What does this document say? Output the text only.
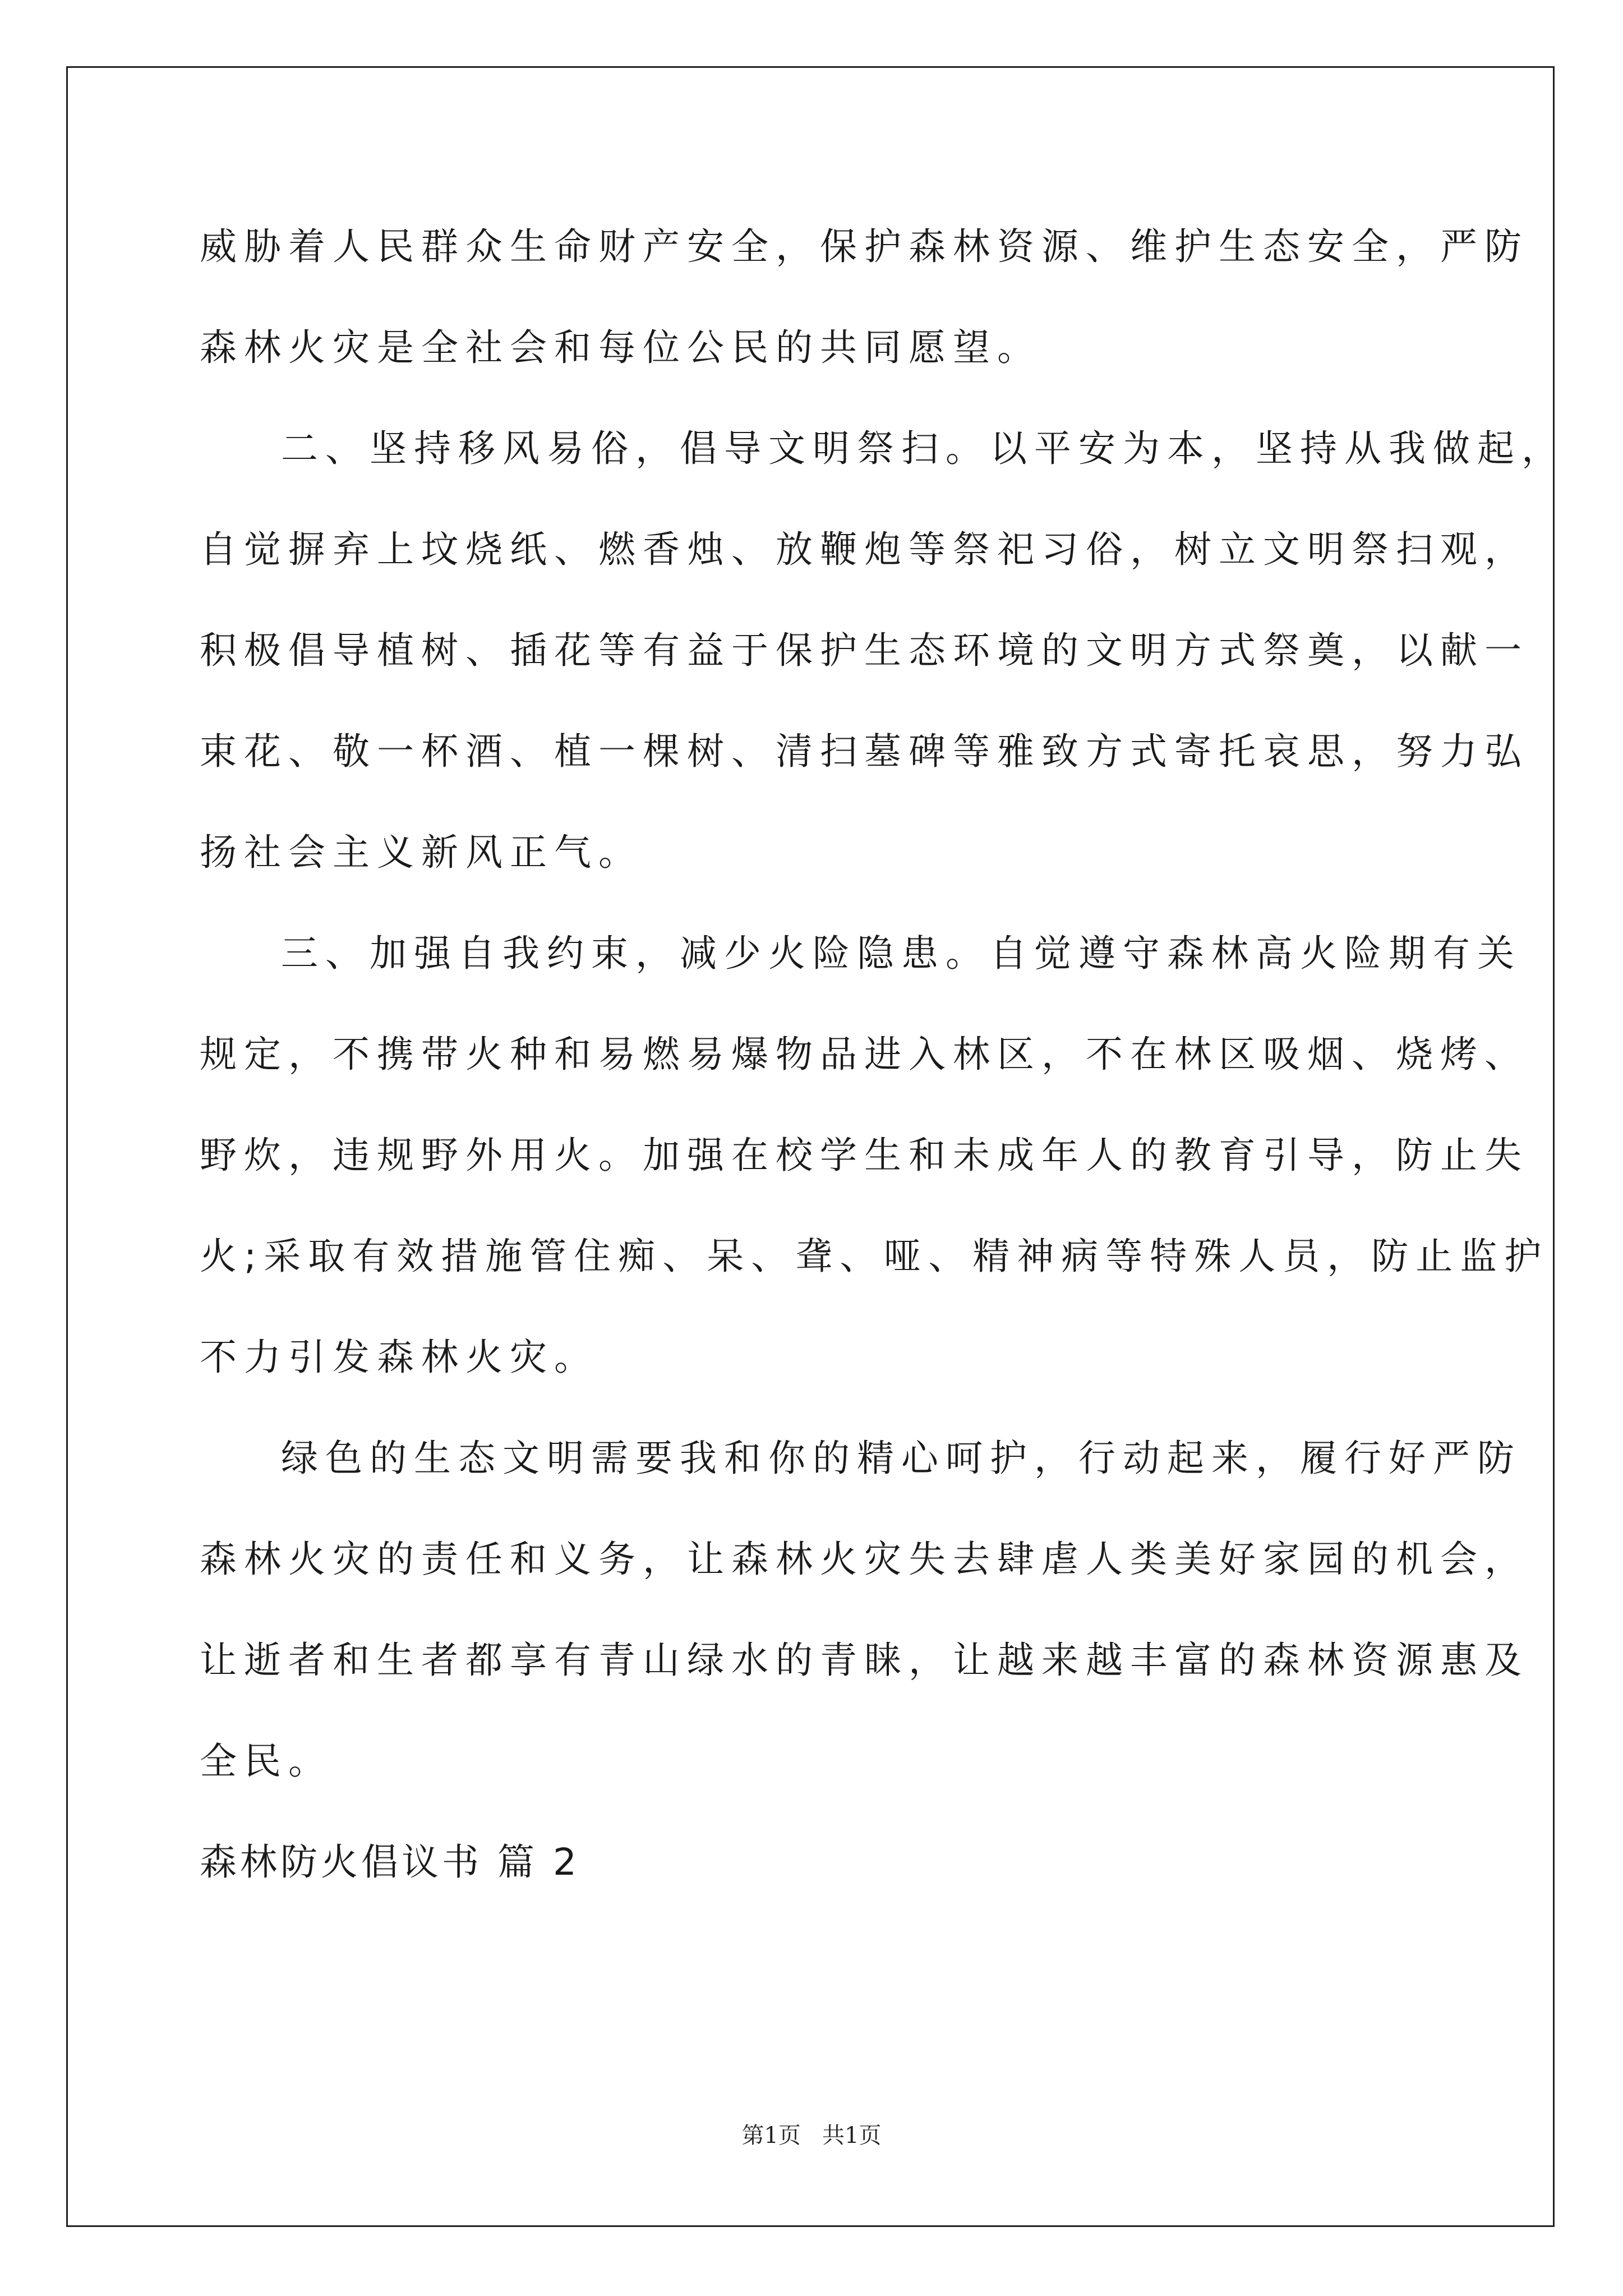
威胁着人民群众生命财产安全，保护森林资源、维护生态安全，严防
森林火灾是全社会和每位公民的共同愿望。
二、坚持移风易俗，倡导文明祭扫。以平安为本，坚持从我做起，
自觉摒弃上坟烧纸、燃香烛、放鞭炮等祭祀习俗，树立文明祭扫观，
积极倡导植树、插花等有益于保护生态环境的文明方式祭奠，以献一
束花、敬一杯酒、植一棵树、清扫墓碑等雅致方式寄托哀思，努力弘
扬社会主义新风正气。
三、加强自我约束，减少火险隐患。自觉遵守森林高火险期有关
规定，不携带火种和易燃易爆物品进入林区，不在林区吸烟、烧烤、
野炊，违规野外用火。加强在校学生和未成年人的教育引导，防止失
火;采取有效措施管住痴、呆、聋、哑、精神病等特殊人员，防止监护
不力引发森林火灾。
绿色的生态文明需要我和你的精心呵护，行动起来，履行好严防
森林火灾的责任和义务，让森林火灾失去肆虐人类美好家园的机会，
让逝者和生者都享有青山绿水的青睐，让越来越丰富的森林资源惠及
全民。
森林防火倡议书 篇 2
第1页   共1页
